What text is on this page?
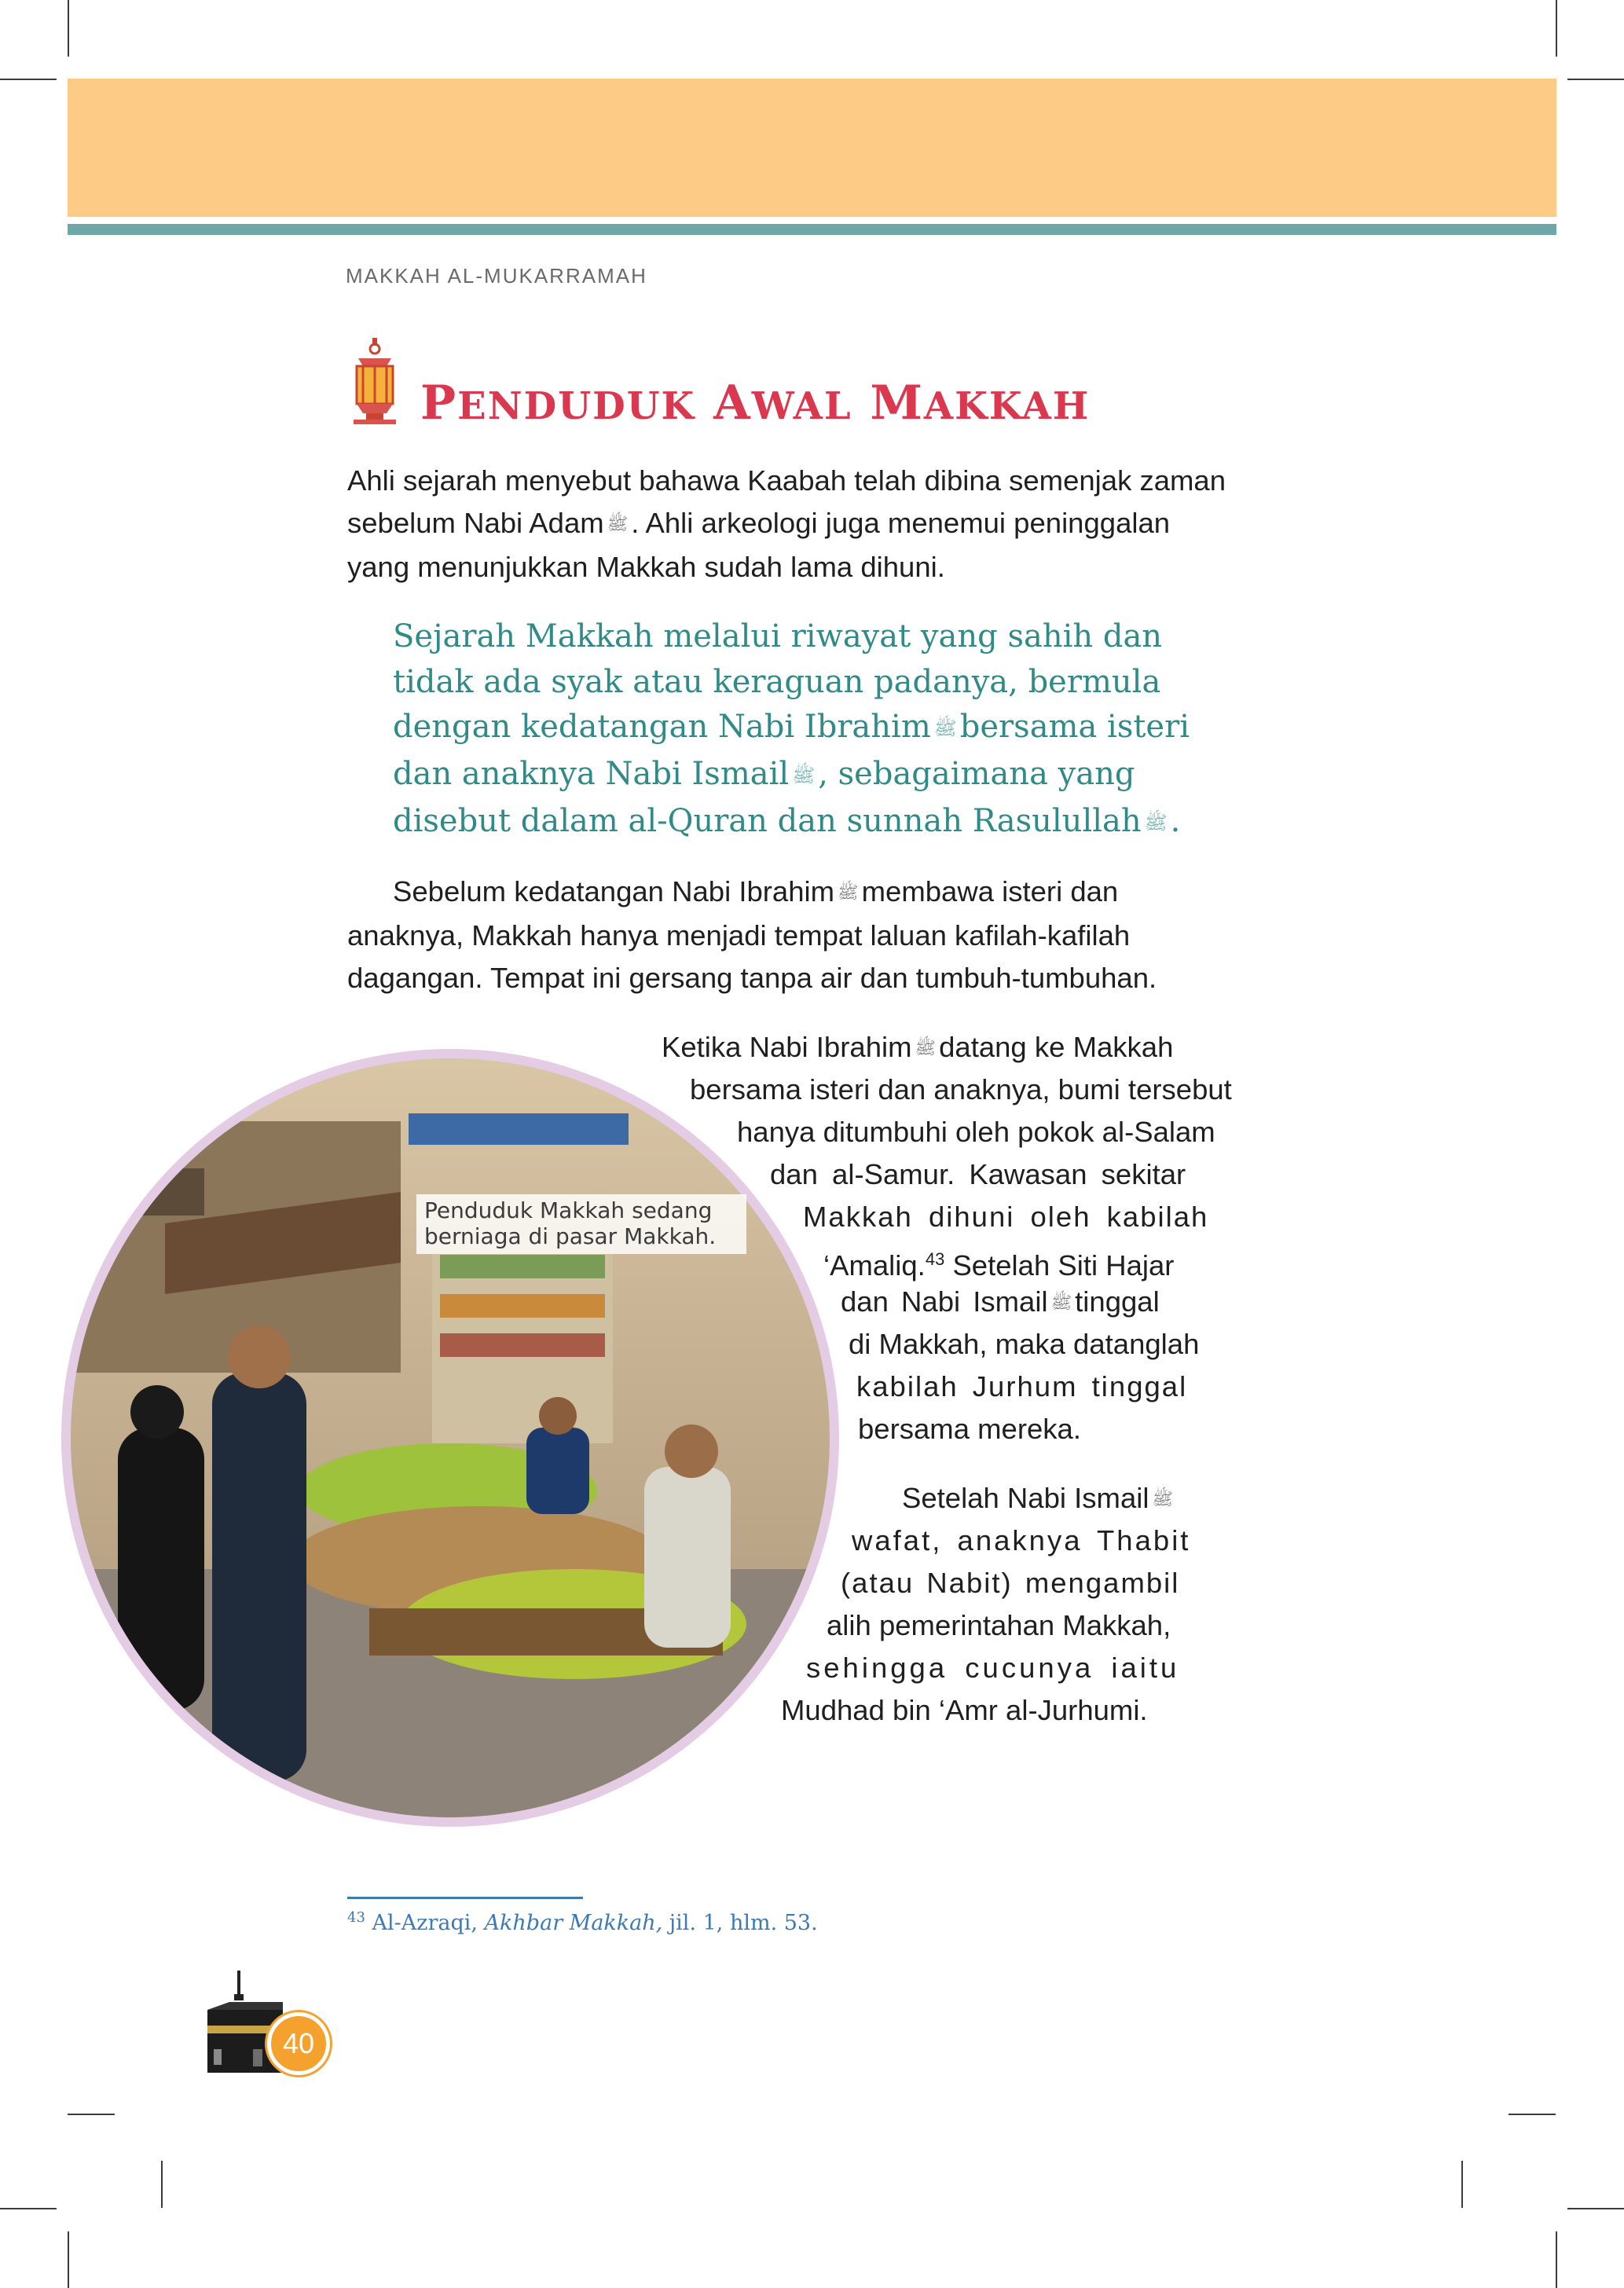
MAKKAH AL-MUKARRAMAH
PENDUDUK AWAL MAKKAH
Ahli sejarah menyebut bahawa Kaabah telah dibina semenjak zaman
sebelum Nabi Adam ﷺ . Ahli arkeologi juga menemui peninggalan
yang menunjukkan Makkah sudah lama dihuni.
Sejarah Makkah melalui riwayat yang sahih dan
tidak ada syak atau keraguan padanya, bermula
dengan kedatangan Nabi Ibrahim ﷺ bersama isteri
dan anaknya Nabi Ismail ﷺ , sebagaimana yang
disebut dalam al-Quran dan sunnah Rasulullah ﷺ .
Sebelum kedatangan Nabi Ibrahim ﷺ membawa isteri dan
anaknya, Makkah hanya menjadi tempat laluan kafilah-kafilah
dagangan. Tempat ini gersang tanpa air dan tumbuh-tumbuhan.
Penduduk Makkah sedang
berniaga di pasar Makkah.
Ketika Nabi Ibrahim ﷺ datang ke Makkah
bersama isteri dan anaknya, bumi tersebut
hanya ditumbuhi oleh pokok al-Salam
dan al-Samur. Kawasan sekitar
Makkah dihuni oleh kabilah
‘Amaliq.$^{43}$ Setelah Siti Hajar
dan Nabi Ismail ﷺ tinggal
di Makkah, maka datanglah
kabilah Jurhum tinggal
bersama mereka.
Setelah Nabi Ismail ﷺ
wafat, anaknya Thabit
(atau Nabit) mengambil
alih pemerintahan Makkah,
sehingga cucunya iaitu
Mudhad bin ‘Amr al-Jurhumi.
$^{43}$ Al-Azraqi, Akhbar Makkah, jil. 1, hlm. 53.
40
